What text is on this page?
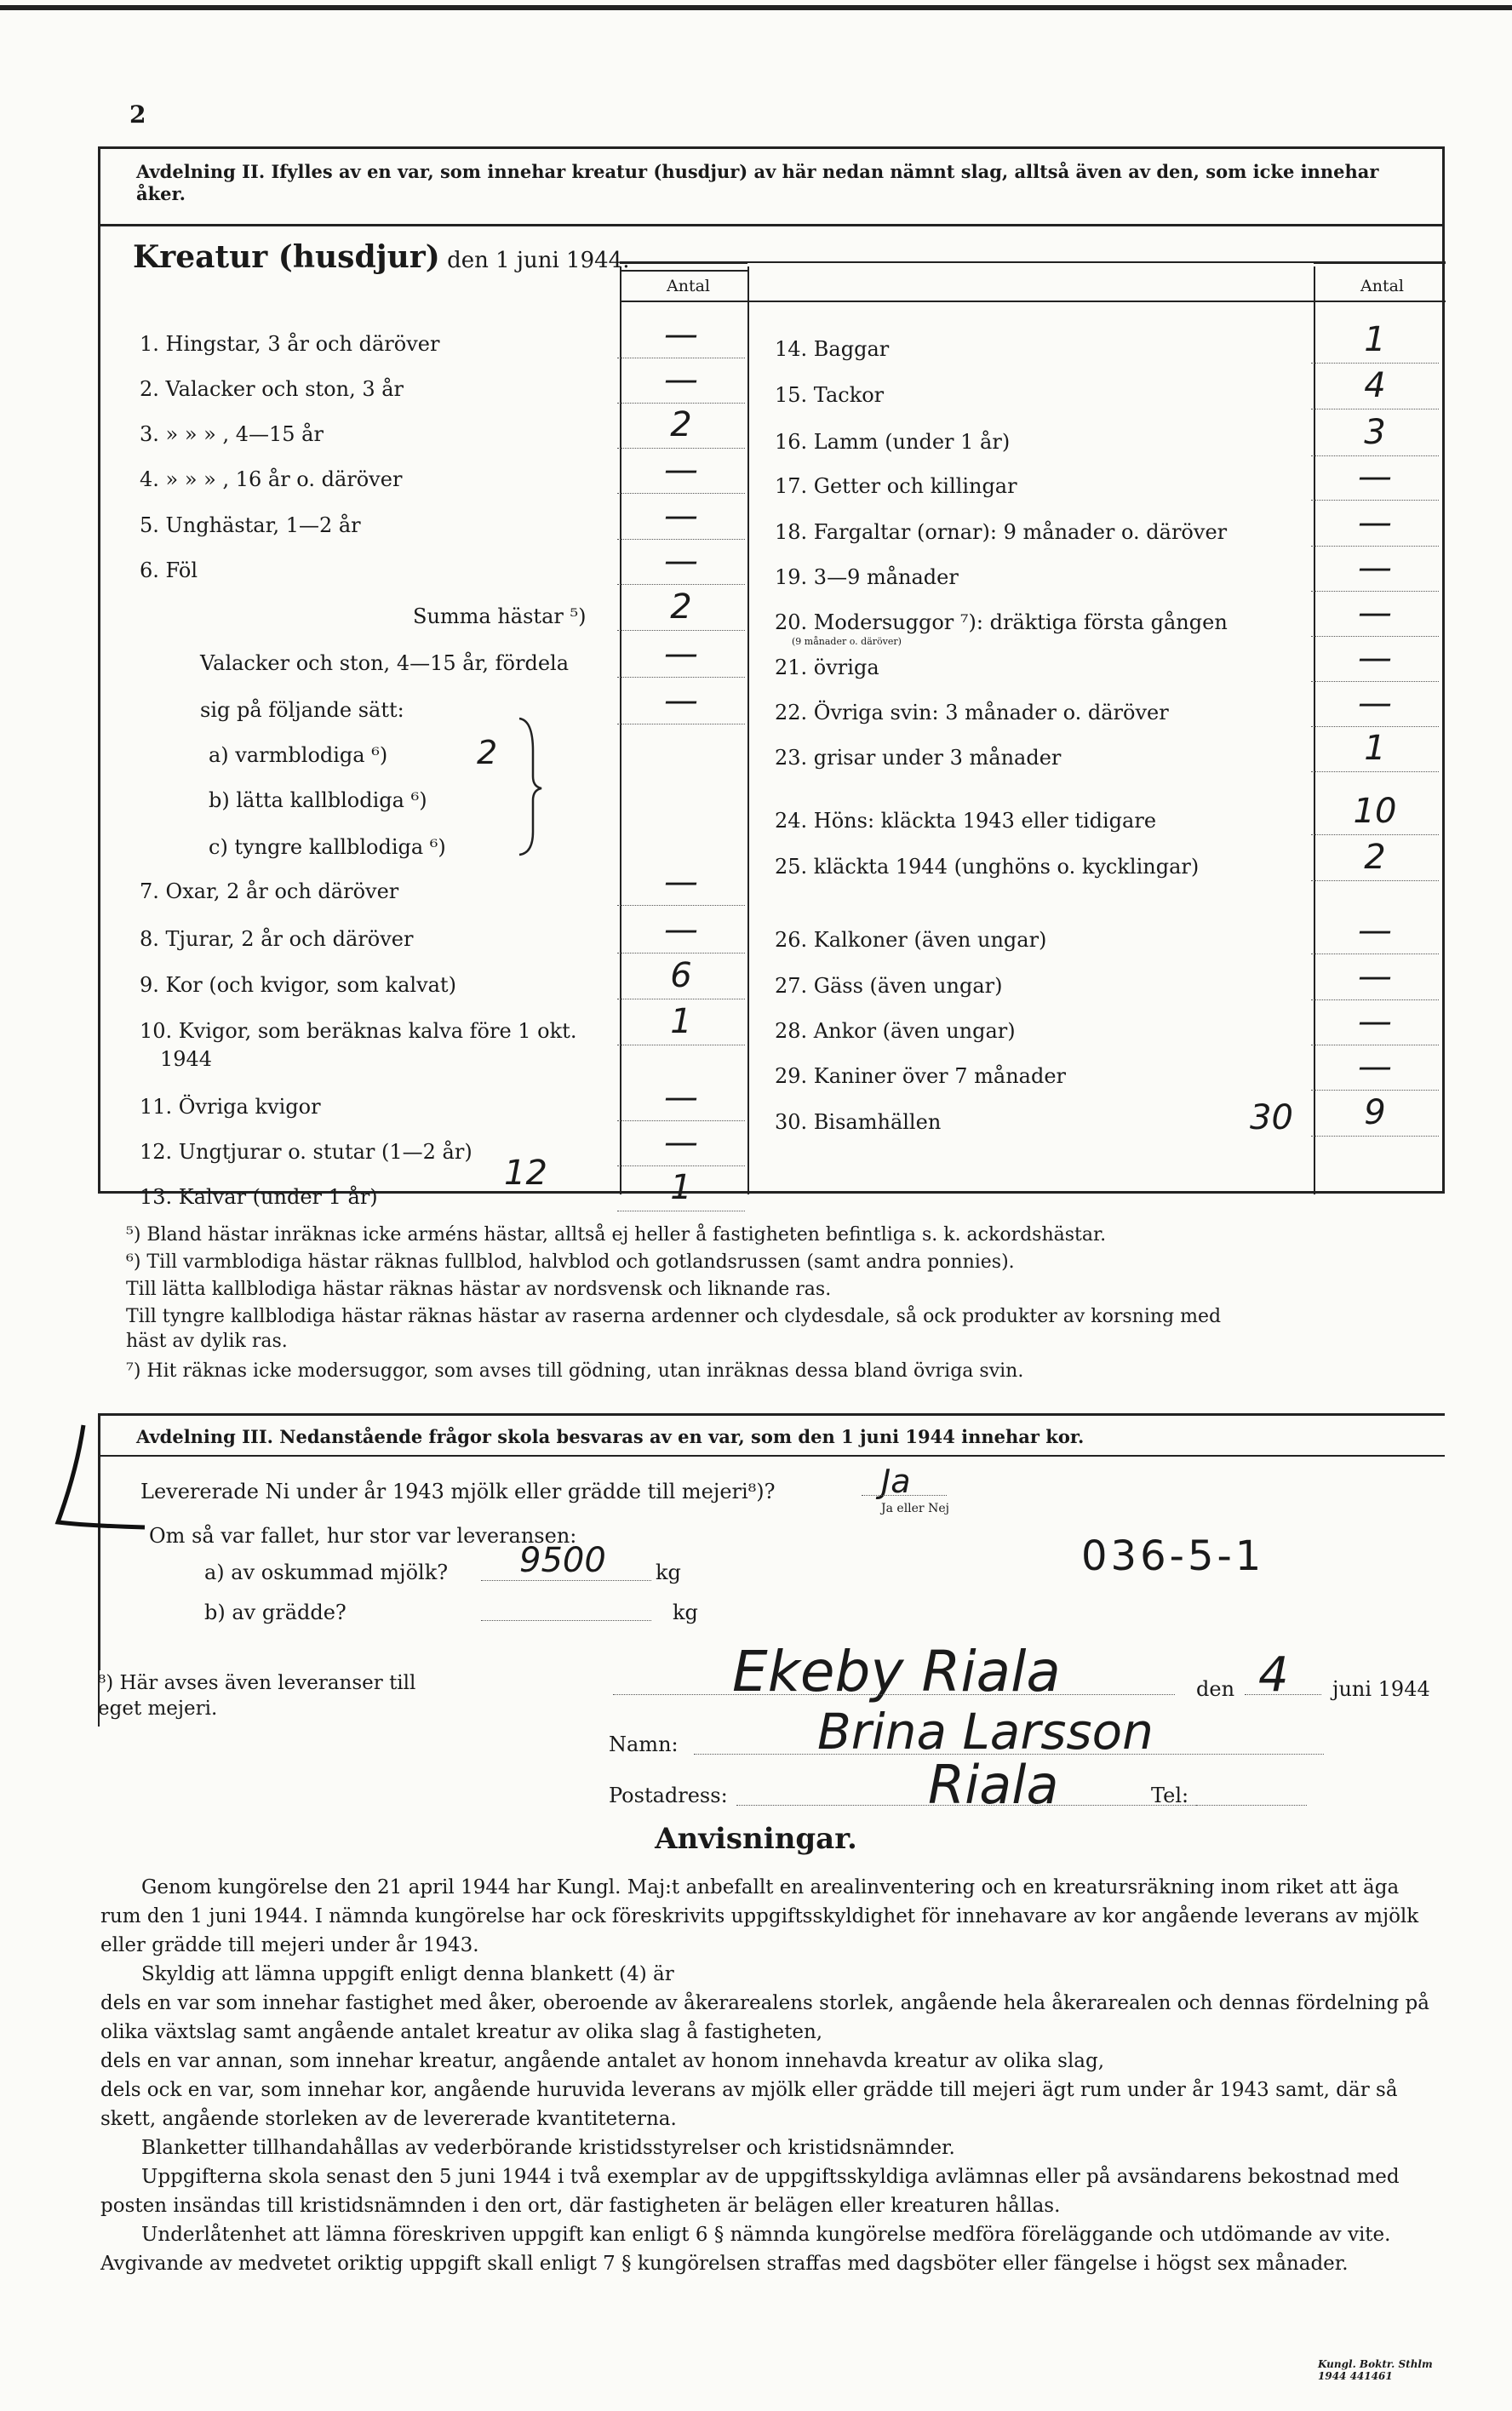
2
Avdelning II. Ifylles av en var, som innehar kreatur (husdjur) av här nedan nämnt slag, alltså även av den, som icke innehar åker.
Kreatur (husdjur) den 1 juni 1944.
Antal	Antal
1. Hingstar, 3 år och däröver	—
2. Valacker och ston, 3 år	—
3. » » » , 4—15 år	2
4. » » » , 16 år o. däröver	—
5. Unghästar, 1—2 år	—
6. Föl	—
Summa hästar ⁵)	2
Valacker och ston, 4—15 år, fördela	—
sig på följande sätt:	—
a) varmblodiga ⁶)
b) lätta kallblodiga ⁶)
c) tyngre kallblodiga ⁶)
7. Oxar, 2 år och däröver	—
8. Tjurar, 2 år och däröver	—
9. Kor (och kvigor, som kalvat)	6
10. Kvigor, som beräknas kalva före 1 okt.	1
1944
11. Övriga kvigor	—
12. Ungtjurar o. stutar (1—2 år)	—
13. Kalvar (under 1 år)	1
14. Baggar	1
15. Tackor	4
16. Lamm (under 1 år)	3
17. Getter och killingar	—
18. Fargaltar (ornar): 9 månader o. däröver	—
19. 3—9 månader	—
20. Modersuggor ⁷): dräktiga första gången	—
21. övriga	—
22. Övriga svin: 3 månader o. däröver	—
23. grisar under 3 månader	1
24. Höns: kläckta 1943 eller tidigare	10
25. kläckta 1944 (unghöns o. kycklingar)	2
26. Kalkoner (även ungar)	—
27. Gäss (även ungar)	—
28. Ankor (även ungar)	—
29. Kaniner över 7 månader	—
30. Bisamhällen	9
(9 månader o. däröver)
2
12
30
⁵) Bland hästar inräknas icke arméns hästar, alltså ej heller å fastigheten befintliga s. k. ackordshästar.
⁶) Till varmblodiga hästar räknas fullblod, halvblod och gotlandsrussen (samt andra ponnies).
Till lätta kallblodiga hästar räknas hästar av nordsvensk och liknande ras.
Till tyngre kallblodiga hästar räknas hästar av raserna ardenner och clydesdale, så ock produkter av korsning med
häst av dylik ras.
⁷) Hit räknas icke modersuggor, som avses till gödning, utan inräknas dessa bland övriga svin.
Avdelning III. Nedanstående frågor skola besvaras av en var, som den 1 juni 1944 innehar kor.
Levererade Ni under år 1943 mjölk eller grädde till mejeri⁸)?	Ja
Ja eller Nej
Om så var fallet, hur stor var leveransen:
a) av oskummad mjölk? 9500 kg
b) av grädde?	kg
036-5-1
⁸) Här avses även leveranser till eget mejeri.
Ekeby Riala	den 4 juni 1944
Namn:	Brina Larsson
Postadress:	Riala	Tel:
Anvisningar.
Genom kungörelse den 21 april 1944 har Kungl. Maj:t anbefallt en arealinventering och en kreatursräkning inom riket att äga rum den 1 juni 1944. I nämnda kungörelse har ock föreskrivits uppgiftsskyldighet för innehavare av kor angående leverans av mjölk eller grädde till mejeri under år 1943.
Skyldig att lämna uppgift enligt denna blankett (4) är
dels en var som innehar fastighet med åker, oberoende av åkerarealens storlek, angående hela åkerarealen och dennas fördelning på olika växtslag samt angående antalet kreatur av olika slag å fastigheten,
dels en var annan, som innehar kreatur, angående antalet av honom innehavda kreatur av olika slag,
dels ock en var, som innehar kor, angående huruvida leverans av mjölk eller grädde till mejeri ägt rum under år 1943 samt, där så skett, angående storleken av de levererade kvantiteterna.
Blanketter tillhandahållas av vederbörande kristidsstyrelser och kristidsnämnder.
Uppgifterna skola senast den 5 juni 1944 i två exemplar av de uppgiftsskyldiga avlämnas eller på avsändarens bekostnad med posten insändas till kristidsnämnden i den ort, där fastigheten är belägen eller kreaturen hållas.
Underlåtenhet att lämna föreskriven uppgift kan enligt 6 § nämnda kungörelse medföra föreläggande och utdömande av vite. Avgivande av medvetet oriktig uppgift skall enligt 7 § kungörelsen straffas med dagsböter eller fängelse i högst sex månader.
Kungl. Boktr. Sthlm 1944 441461
